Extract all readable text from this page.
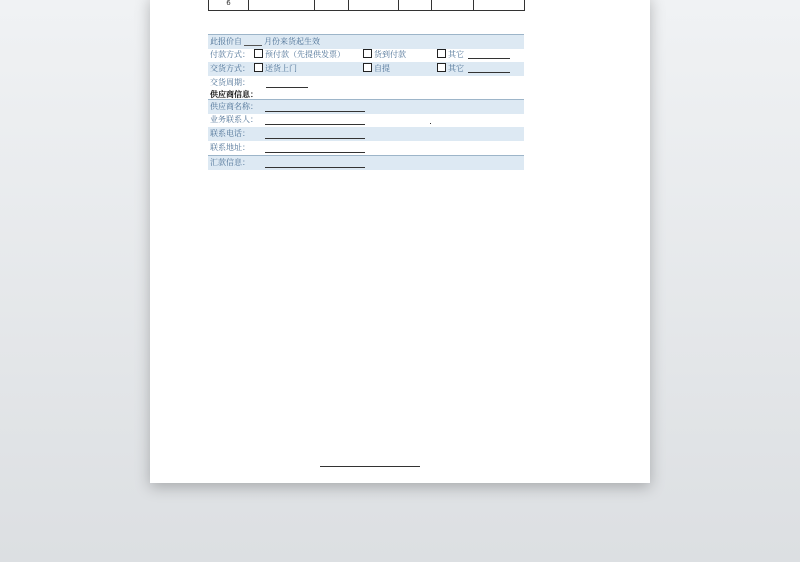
6
此报价自	月份来货起生效
付款方式：	预付款（先提供发票）	货到付款	其它
交货方式：	送货上门	自提	其它
交货周期：
供应商信息：
供应商名称：
业务联系人：
联系电话：
联系地址：
汇款信息：
